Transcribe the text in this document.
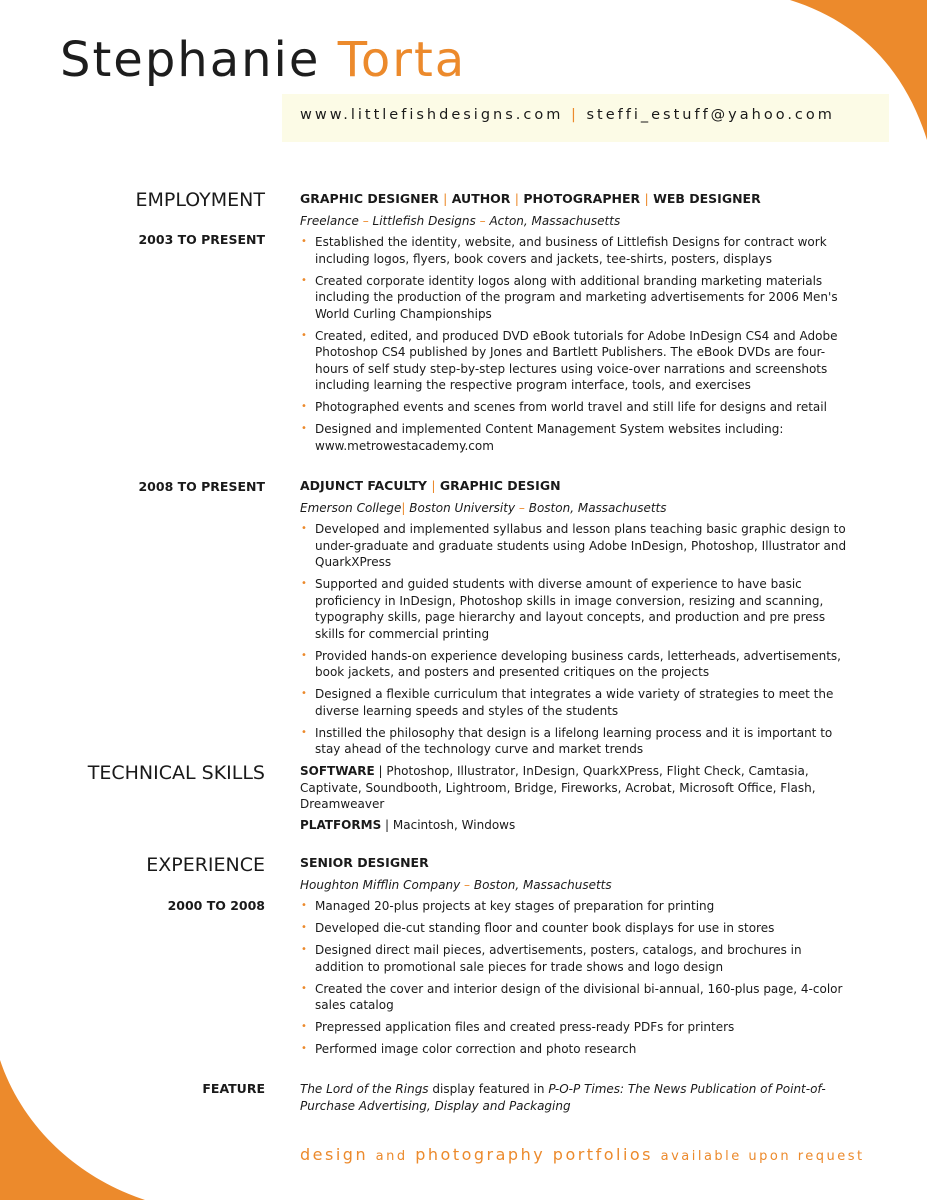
Stephanie Torta
www.littlefishdesigns.com | steffi_estuff@yahoo.com
EMPLOYMENT
2003 TO PRESENT
GRAPHIC DESIGNER | AUTHOR | PHOTOGRAPHER | WEB DESIGNER
Freelance – Littlefish Designs – Acton, Massachusetts
• Established the identity, website, and business of Littlefish Designs for contract work including logos, flyers, book covers and jackets, tee-shirts, posters, displays
• Created corporate identity logos along with additional branding marketing materials including the production of the program and marketing advertisements for 2006 Men's World Curling Championships
• Created, edited, and produced DVD eBook tutorials for Adobe InDesign CS4 and Adobe Photoshop CS4 published by Jones and Bartlett Publishers. The eBook DVDs are four-hours of self study step-by-step lectures using voice-over narrations and screenshots including learning the respective program interface, tools, and exercises
• Photographed events and scenes from world travel and still life for designs and retail
• Designed and implemented Content Management System websites including: www.metrowestacademy.com
2008 TO PRESENT	ADJUNCT FACULTY | GRAPHIC DESIGN
Emerson College| Boston University – Boston, Massachusetts
• Developed and implemented syllabus and lesson plans teaching basic graphic design to under-graduate and graduate students using Adobe InDesign, Photoshop, Illustrator and QuarkXPress
• Supported and guided students with diverse amount of experience to have basic proficiency in InDesign, Photoshop skills in image conversion, resizing and scanning, typography skills, page hierarchy and layout concepts, and production and pre press skills for commercial printing
• Provided hands-on experience developing business cards, letterheads, advertisements, book jackets, and posters and presented critiques on the projects
• Designed a flexible curriculum that integrates a wide variety of strategies to meet the diverse learning speeds and styles of the students
• Instilled the philosophy that design is a lifelong learning process and it is important to stay ahead of the technology curve and market trends
TECHNICAL SKILLS	SOFTWARE | Photoshop, Illustrator, InDesign, QuarkXPress, Flight Check, Camtasia, Captivate, Soundbooth, Lightroom, Bridge, Fireworks, Acrobat, Microsoft Office, Flash, Dreamweaver
PLATFORMS | Macintosh, Windows
EXPERIENCE
2000 TO 2008
SENIOR DESIGNER
Houghton Mifflin Company – Boston, Massachusetts
• Managed 20-plus projects at key stages of preparation for printing
• Developed die-cut standing floor and counter book displays for use in stores
• Designed direct mail pieces, advertisements, posters, catalogs, and brochures in addition to promotional sale pieces for trade shows and logo design
• Created the cover and interior design of the divisional bi-annual, 160-plus page, 4-color sales catalog
• Prepressed application files and created press-ready PDFs for printers
• Performed image color correction and photo research
FEATURE	The Lord of the Rings display featured in P-O-P Times: The News Publication of Point-of-Purchase Advertising, Display and Packaging
design and photography portfolios available upon request
